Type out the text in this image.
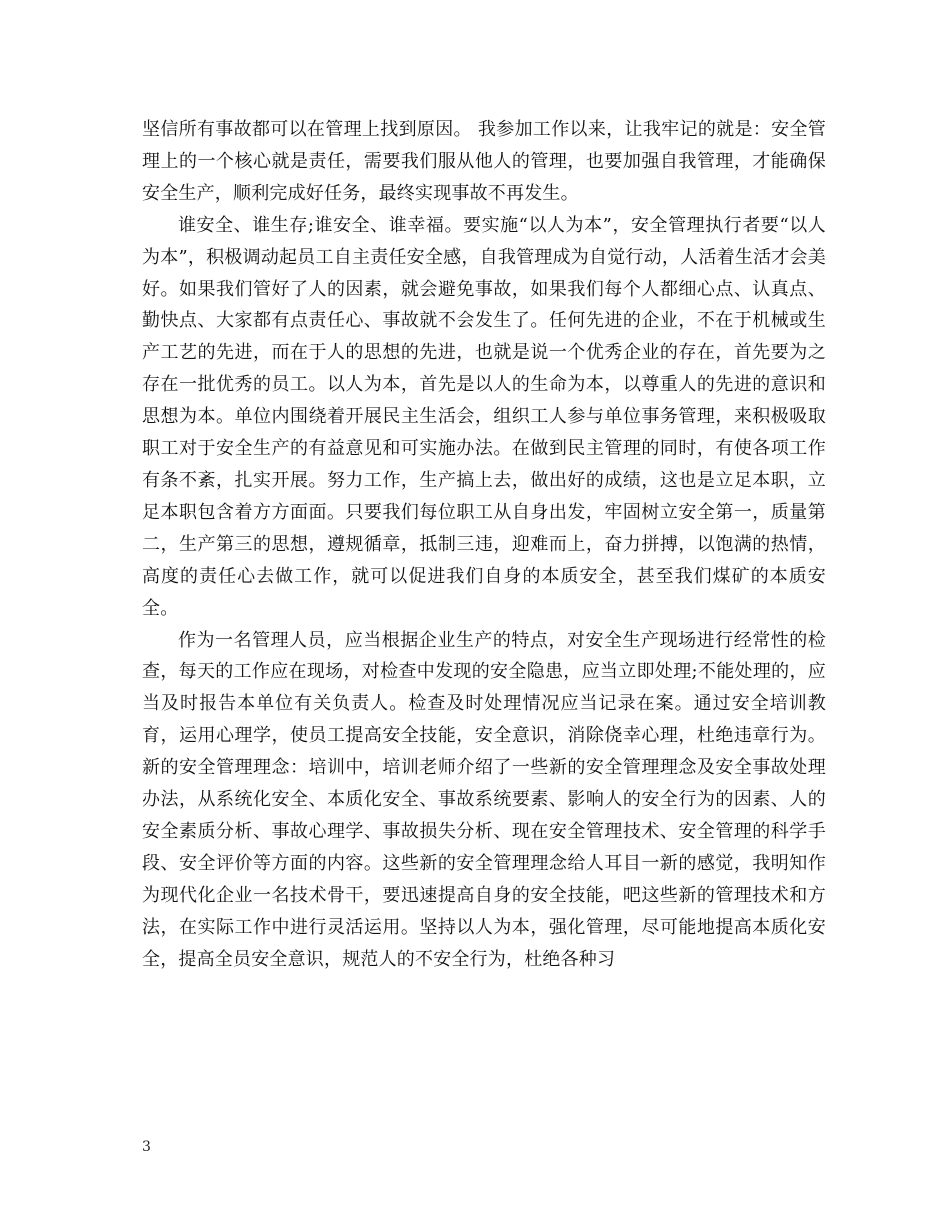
坚信所有事故都可以在管理上找到原因。 我参加工作以来，让我牢记的就是：安全管理上的一个核心就是责任，需要我们服从他人的管理，也要加强自我管理，才能确保安全生产，顺利完成好任务，最终实现事故不再发生。

谁安全、谁生存;谁安全、谁幸福。要实施“以人为本”，安全管理执行者要“以人为本”，积极调动起员工自主责任安全感，自我管理成为自觉行动，人活着生活才会美好。如果我们管好了人的因素，就会避免事故，如果我们每个人都细心点、认真点、勤快点、大家都有点责任心、事故就不会发生了。任何先进的企业，不在于机械或生产工艺的先进，而在于人的思想的先进，也就是说一个优秀企业的存在，首先要为之存在一批优秀的员工。以人为本，首先是以人的生命为本，以尊重人的先进的意识和思想为本。单位内围绕着开展民主生活会，组织工人参与单位事务管理，来积极吸取职工对于安全生产的有益意见和可实施办法。在做到民主管理的同时，有使各项工作有条不紊，扎实开展。努力工作，生产搞上去，做出好的成绩，这也是立足本职，立足本职包含着方方面面。只要我们每位职工从自身出发，牢固树立安全第一，质量第二，生产第三的思想，遵规循章，抵制三违，迎难而上，奋力拼搏，以饱满的热情，高度的责任心去做工作，就可以促进我们自身的本质安全，甚至我们煤矿的本质安全。

作为一名管理人员，应当根据企业生产的特点，对安全生产现场进行经常性的检查，每天的工作应在现场，对检查中发现的安全隐患，应当立即处理;不能处理的，应当及时报告本单位有关负责人。检查及时处理情况应当记录在案。通过安全培训教育，运用心理学，使员工提高安全技能，安全意识，消除侥幸心理，杜绝违章行为。新的安全管理理念：培训中，培训老师介绍了一些新的安全管理理念及安全事故处理办法，从系统化安全、本质化安全、事故系统要素、影响人的安全行为的因素、人的安全素质分析、事故心理学、事故损失分析、现在安全管理技术、安全管理的科学手段、安全评价等方面的内容。这些新的安全管理理念给人耳目一新的感觉，我明知作为现代化企业一名技术骨干，要迅速提高自身的安全技能，吧这些新的管理技术和方法，在实际工作中进行灵活运用。坚持以人为本，强化管理，尽可能地提高本质化安全，提高全员安全意识，规范人的不安全行为，杜绝各种习

3
